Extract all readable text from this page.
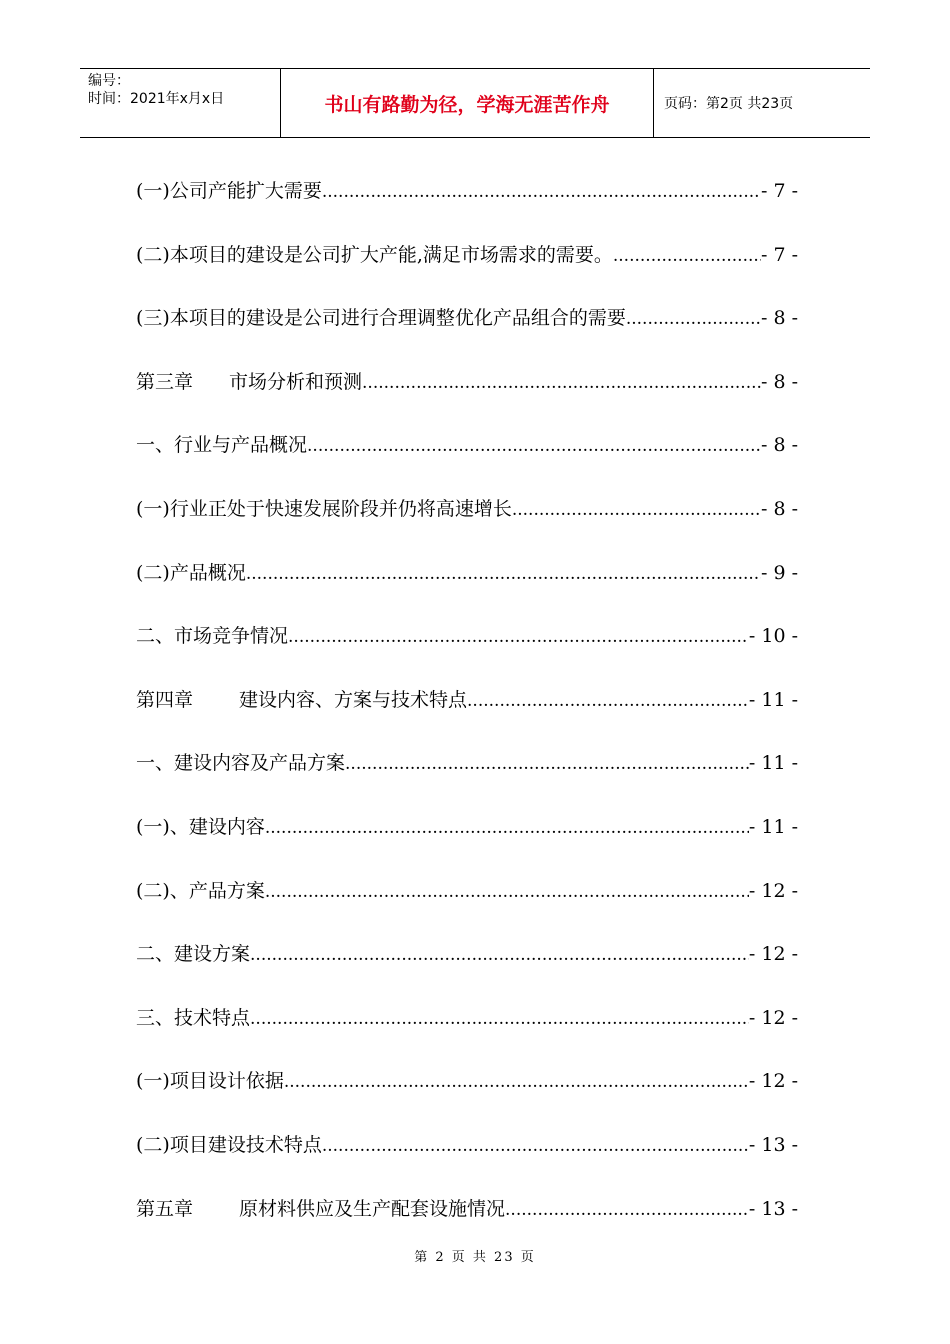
编号：
时间：2021年x月x日	书山有路勤为径，学海无涯苦作舟	页码：第2页 共23页
(一)公司产能扩大需要 .....	- 7 -
(二)本项目的建设是公司扩大产能,满足市场需求的需要。 .....	- 7 -
(三)本项目的建设是公司进行合理调整优化产品组合的需要 .....	- 8 -
第三章 市场分析和预测 .....	- 8 -
一、行业与产品概况 .....	- 8 -
(一)行业正处于快速发展阶段并仍将高速增长 .....	- 8 -
(二)产品概况 .....	- 9 -
二、市场竞争情况 .....	- 10 -
第四章 建设内容、方案与技术特点 .....	- 11 -
一、建设内容及产品方案 .....	- 11 -
(一)、建设内容 .....	- 11 -
(二)、产品方案 .....	- 12 -
二、建设方案 .....	- 12 -
三、技术特点 .....	- 12 -
(一)项目设计依据 .....	- 12 -
(二)项目建设技术特点 .....	- 13 -
第五章 原材料供应及生产配套设施情况 .....	- 13 -
第 2 页 共 23 页
